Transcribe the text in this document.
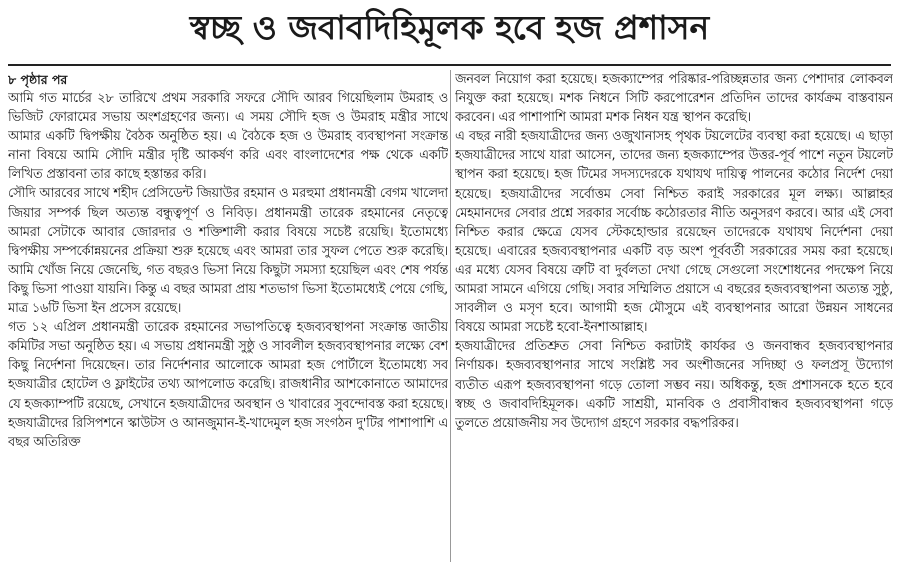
স্বচ্ছ ও জবাবদিহিমূলক হবে হজ প্রশাসন
৮ পৃষ্ঠার পর

আমি গত মার্চের ২৮ তারিখে প্রথম সরকারি সফরে সৌদি আরব গিয়েছিলাম উমরাহ ও ভিজিট ফোরামের সভায় অংশগ্রহণের জন্য। এ সময় সৌদি হজ ও উমরাহ মন্ত্রীর সাথে আমার একটি দ্বিপক্ষীয় বৈঠক অনুষ্ঠিত হয়। এ বৈঠকে হজ ও উমরাহ ব্যবস্থাপনা সংক্রান্ত নানা বিষয়ে আমি সৌদি মন্ত্রীর দৃষ্টি আকর্ষণ করি এবং বাংলাদেশের পক্ষ থেকে একটি লিখিত প্রস্তাবনা তার কাছে হস্তান্তর করি।

সৌদি আরবের সাথে শহীদ প্রেসিডেন্ট জিয়াউর রহমান ও মরহুমা প্রধানমন্ত্রী বেগম খালেদা জিয়ার সম্পর্ক ছিল অত্যন্ত বন্ধুত্বপূর্ণ ও নিবিড়। প্রধানমন্ত্রী তারেক রহমানের নেতৃত্বে আমরা সেটাকে আবার জোরদার ও শক্তিশালী করার বিষয়ে সচেষ্ট রয়েছি। ইতোমধ্যে দ্বিপক্ষীয় সম্পর্কোন্নয়নের প্রক্রিয়া শুরু হয়েছে এবং আমরা তার সুফল পেতে শুরু করেছি। আমি খোঁজ নিয়ে জেনেছি, গত বছরও ভিসা নিয়ে কিছুটা সমস্যা হয়েছিল এবং শেষ পর্যন্ত কিছু ভিসা পাওয়া যায়নি। কিন্তু এ বছর আমরা প্রায় শতভাগ ভিসা ইতোমধ্যেই পেয়ে গেছি, মাত্র ১৬টি ভিসা ইন প্রসেস রয়েছে।

গত ১২ এপ্রিল প্রধানমন্ত্রী তারেক রহমানের সভাপতিত্বে হজব্যবস্থাপনা সংক্রান্ত জাতীয় কমিটির সভা অনুষ্ঠিত হয়। এ সভায় প্রধানমন্ত্রী সুষ্ঠু ও সাবলীল হজব্যবস্থাপনার লক্ষ্যে বেশ কিছু নির্দেশনা দিয়েছেন। তার নির্দেশনার আলোকে আমরা হজ পোর্টালে ইতোমধ্যে সব হজযাত্রীর হোটেল ও ফ্লাইটের তথ্য আপলোড করেছি। রাজধানীর আশকোনাতে আমাদের যে হজক্যাম্পটি রয়েছে, সেখানে হজযাত্রীদের অবস্থান ও খাবারের সুবন্দোবস্ত করা হয়েছে। হজযাত্রীদের রিসিপশনে স্কাউটস ও আনজুমান-ই-খাদেমুল হজ সংগঠন দু'টির পাশাপাশি এ বছর অতিরিক্ত

জনবল নিয়োগ করা হয়েছে। হজক্যাম্পের পরিষ্কার-পরিচ্ছন্নতার জন্য পেশাদার লোকবল নিযুক্ত করা হয়েছে। মশক নিধনে সিটি করপোরেশন প্রতিদিন তাদের কার্যক্রম বাস্তবায়ন করবেন। এর পাশাপাশি আমরা মশক নিধন যন্ত্র স্থাপন করেছি।

এ বছর নারী হজযাত্রীদের জন্য ওজুখানাসহ পৃথক টয়লেটের ব্যবস্থা করা হয়েছে। এ ছাড়া হজযাত্রীদের সাথে যারা আসেন, তাদের জন্য হজক্যাম্পের উত্তর-পূর্ব পাশে নতুন টয়লেট স্থাপন করা হয়েছে। হজ টিমের সদস্যদেরকে যথাযথ দায়িত্ব পালনের কঠোর নির্দেশ দেয়া হয়েছে। হজযাত্রীদের সর্বোত্তম সেবা নিশ্চিত করাই সরকারের মূল লক্ষ্য। আল্লাহর মেহমানদের সেবার প্রশ্নে সরকার সর্বোচ্চ কঠোরতার নীতি অনুসরণ করবে। আর এই সেবা নিশ্চিত করার ক্ষেত্রে যেসব স্টেকহোল্ডার রয়েছেন তাদেরকে যথাযথ নির্দেশনা দেয়া হয়েছে। এবারের হজব্যবস্থাপনার একটি বড় অংশ পূর্ববর্তী সরকারের সময় করা হয়েছে। এর মধ্যে যেসব বিষয়ে ত্রুটি বা দুর্বলতা দেখা গেছে সেগুলো সংশোধনের পদক্ষেপ নিয়ে আমরা সামনে এগিয়ে গেছি। সবার সম্মিলিত প্রয়াসে এ বছরের হজব্যবস্থাপনা অত্যন্ত সুষ্ঠু, সাবলীল ও মসৃণ হবে। আগামী হজ মৌসুমে এই ব্যবস্থাপনার আরো উন্নয়ন সাধনের বিষয়ে আমরা সচেষ্ট হবো-ইনশাআল্লাহ।

হজযাত্রীদের প্রতিশ্রুত সেবা নিশ্চিত করাটাই কার্যকর ও জনবান্ধব হজব্যবস্থাপনার নির্ণায়ক। হজব্যবস্থাপনার সাথে সংশ্লিষ্ট সব অংশীজনের সদিচ্ছা ও ফলপ্রসূ উদ্যোগ ব্যতীত এরূপ হজব্যবস্থাপনা গড়ে তোলা সম্ভব নয়। অধিকন্তু, হজ প্রশাসনকে হতে হবে স্বচ্ছ ও জবাবদিহিমূলক। একটি সাশ্রয়ী, মানবিক ও প্রবাসীবান্ধব হজব্যবস্থাপনা গড়ে তুলতে প্রয়োজনীয় সব উদ্যোগ গ্রহণে সরকার বদ্ধপরিকর।
